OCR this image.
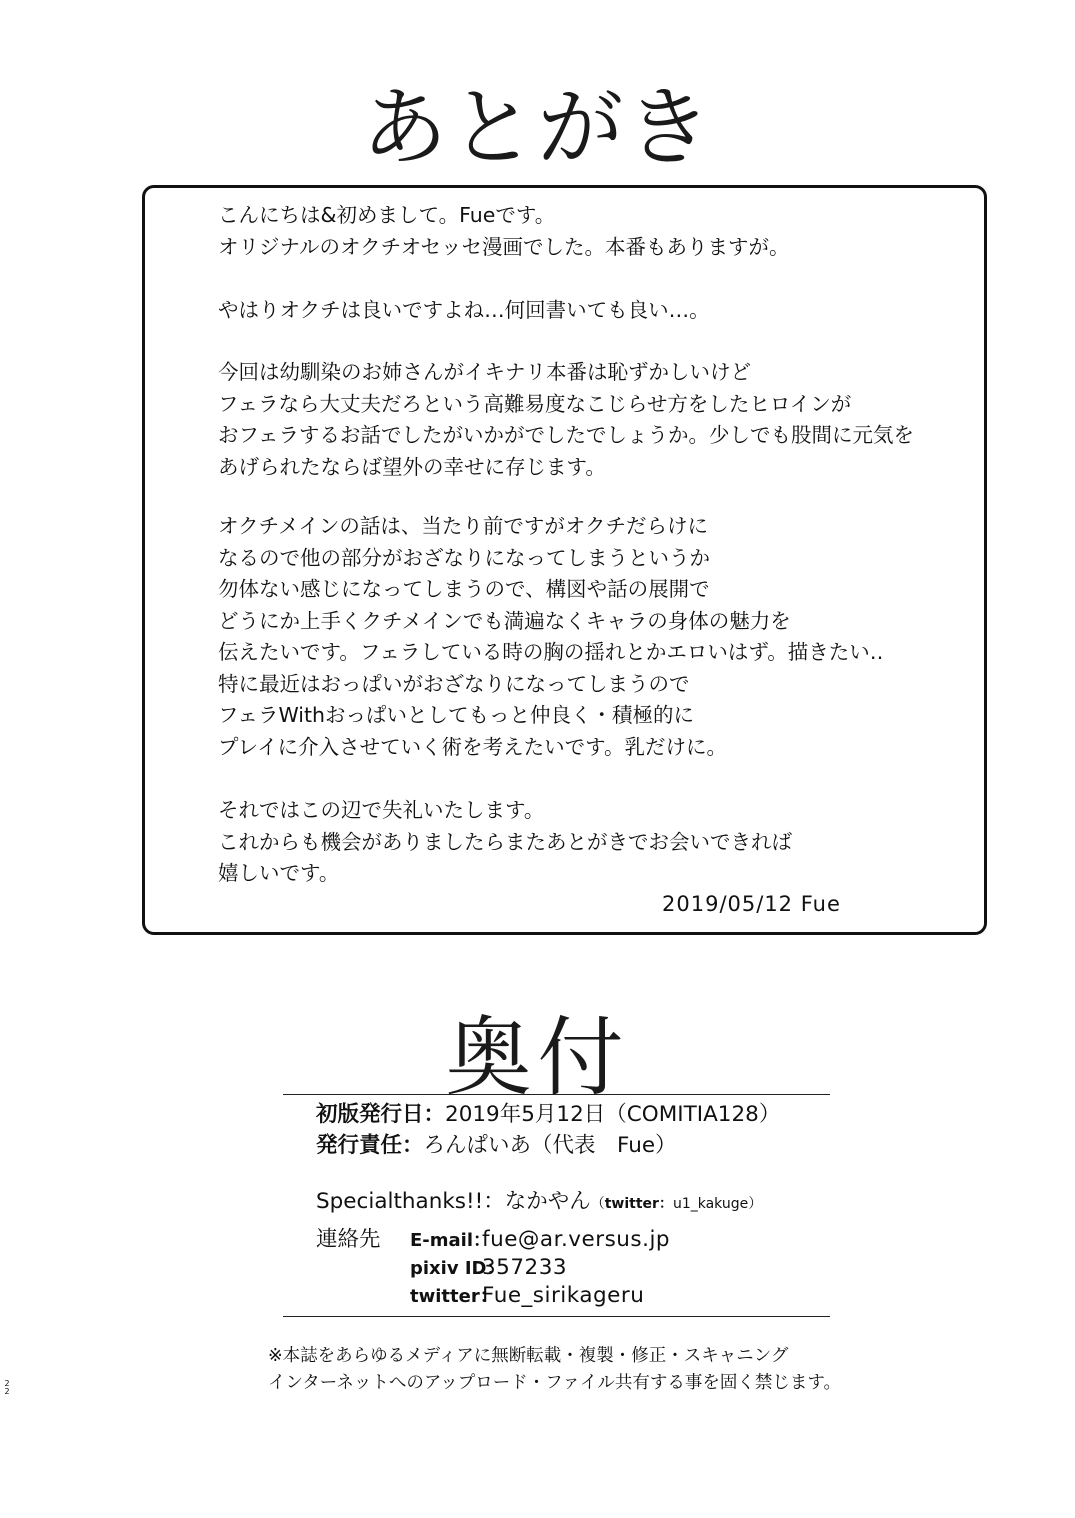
あとがき

こんにちは&初めまして。Fueです。
オリジナルのオクチオセッセ漫画でした。本番もありますが。

やはりオクチは良いですよね…何回書いても良い…。

今回は幼馴染のお姉さんがイキナリ本番は恥ずかしいけど
フェラなら大丈夫だろという高難易度なこじらせ方をしたヒロインが
おフェラするお話でしたがいかがでしたでしょうか。少しでも股間に元気を
あげられたならば望外の幸せに存じます。

オクチメインの話は、当たり前ですがオクチだらけに
なるので他の部分がおざなりになってしまうというか
勿体ない感じになってしまうので、構図や話の展開で
どうにか上手くクチメインでも満遍なくキャラの身体の魅力を
伝えたいです。フェラしている時の胸の揺れとかエロいはず。描きたい‥
特に最近はおっぱいがおざなりになってしまうので
フェラWithおっぱいとしてもっと仲良く・積極的に
プレイに介入させていく術を考えたいです。乳だけに。

それではこの辺で失礼いたします。
これからも機会がありましたらまたあとがきでお会いできれば
嬉しいです。

2019/05/12 Fue
奥付
初版発行日：2019年5月12日（COMITIA128）
発行責任：ろんぱいあ（代表　Fue）
Specialthanks!!：なかやん（twitter：u1_kakuge）
連絡先 E-mail：fue@ar.versus.jp
pixiv ID：357233
twitter：Fue_sirikageru
※本誌をあらゆるメディアに無断転載・複製・修正・スキャニング
インターネットへのアップロード・ファイル共有する事を固く禁じます。
2
2
